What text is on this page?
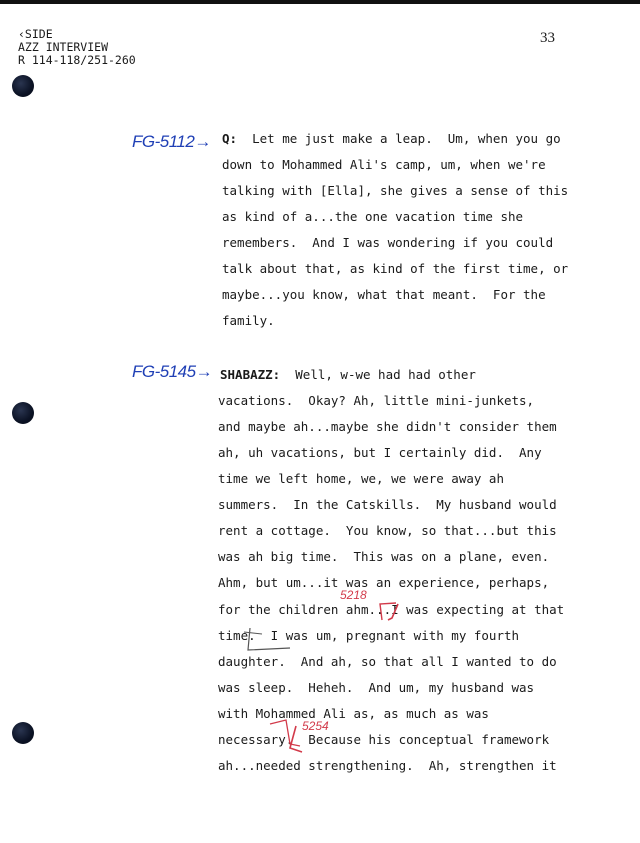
‹SIDE
ΑZZ INTERVIEW
R 114-118/251-260
33
FG-5112→
FG-5145→
Q:  Let me just make a leap.  Um, when you go
down to Mohammed Ali's camp, um, when we're
talking with [Ella], she gives a sense of this
as kind of a...the one vacation time she
remembers.  And I was wondering if you could
talk about that, as kind of the first time, or
maybe...you know, what that meant.  For the
family.
SHABAZZ:  Well, w-we had had other
vacations.  Okay? Ah, little mini-junkets,
and maybe ah...maybe she didn't consider them
ah, uh vacations, but I certainly did.  Any
time we left home, we, we were away ah
summers.  In the Catskills.  My husband would
rent a cottage.  You know, so that...but this
was ah big time.  This was on a plane, even.
Ahm, but um...it was an experience, perhaps,
for the children ahm...I was expecting at that
time.  I was um, pregnant with my fourth
daughter.  And ah, so that all I wanted to do
was sleep.  Heheh.  And um, my husband was
with Mohammed Ali as, as much as was
necessary.  Because his conceptual framework
ah...needed strengthening.  Ah, strengthen it
5218
5254
